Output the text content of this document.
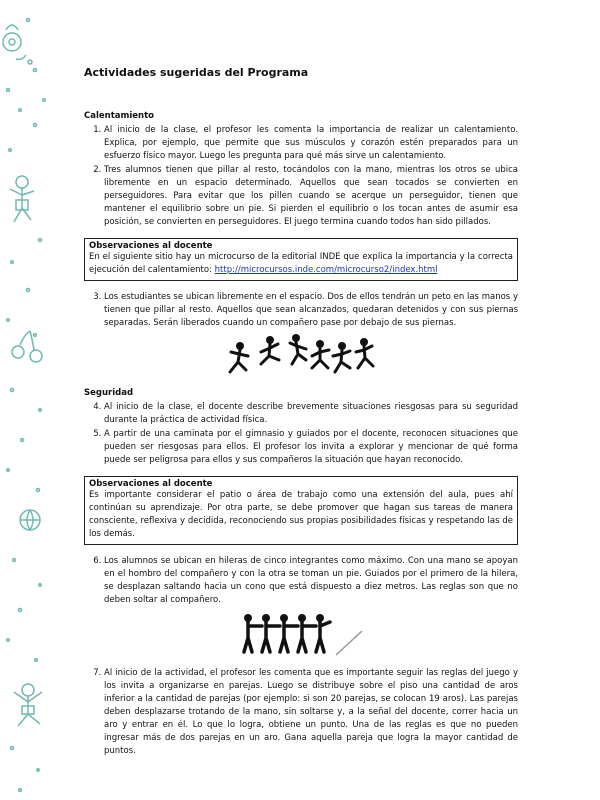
Actividades sugeridas del Programa
Calentamiento
1. Al inicio de la clase, el profesor les comenta la importancia de realizar un calentamiento. Explica, por ejemplo, que permite que sus músculos y corazón estén preparados para un esfuerzo físico mayor. Luego les pregunta para qué más sirve un calentamiento.
2. Tres alumnos tienen que pillar al resto, tocándolos con la mano, mientras los otros se ubica libremente en un espacio determinado. Aquellos que sean tocados se convierten en perseguidores. Para evitar que los pillen cuando se acerque un perseguidor, tienen que mantener el equilibrio sobre un pie. Si pierden el equilibrio o los tocan antes de asumir esa posición, se convierten en perseguidores. El juego termina cuando todos han sido pillados.
Observaciones al docente
En el siguiente sitio hay un microcurso de la editorial INDE que explica la importancia y la correcta ejecución del calentamiento: http://microcursos.inde.com/microcurso2/index.html
3. Los estudiantes se ubican libremente en el espacio. Dos de ellos tendrán un peto en las manos y tienen que pillar al resto. Aquellos que sean alcanzados, quedaran detenidos y con sus piernas separadas. Serán liberados cuando un compañero pase por debajo de sus piernas.
Seguridad
4. Al inicio de la clase, el docente describe brevemente situaciones riesgosas para su seguridad durante la práctica de actividad física.
5. A partir de una caminata por el gimnasio y guiados por el docente, reconocen situaciones que pueden ser riesgosas para ellos. El profesor los invita a explorar y mencionar de qué forma puede ser peligrosa para ellos y sus compañeros la situación que hayan reconocido.
Observaciones al docente
Es importante considerar el patio o área de trabajo como una extensión del aula, pues ahí continúan su aprendizaje. Por otra parte, se debe promover que hagan sus tareas de manera consciente, reflexiva y decidida, reconociendo sus propias posibilidades físicas y respetando las de los demás.
6. Los alumnos se ubican en hileras de cinco integrantes como máximo. Con una mano se apoyan en el hombro del compañero y con la otra se toman un pie. Guiados por el primero de la hilera, se desplazan saltando hacia un cono que está dispuesto a diez metros. Las reglas son que no deben soltar al compañero.
7. Al inicio de la actividad, el profesor les comenta que es importante seguir las reglas del juego y los invita a organizarse en parejas. Luego se distribuye sobre el piso una cantidad de aros inferior a la cantidad de parejas (por ejemplo: si son 20 parejas, se colocan 19 aros). Las parejas deben desplazarse trotando de la mano, sin soltarse y, a la señal del docente, correr hacia un aro y entrar en él. Lo que lo logra, obtiene un punto. Una de las reglas es que no pueden ingresar más de dos parejas en un aro. Gana aquella pareja que logra la mayor cantidad de puntos.
